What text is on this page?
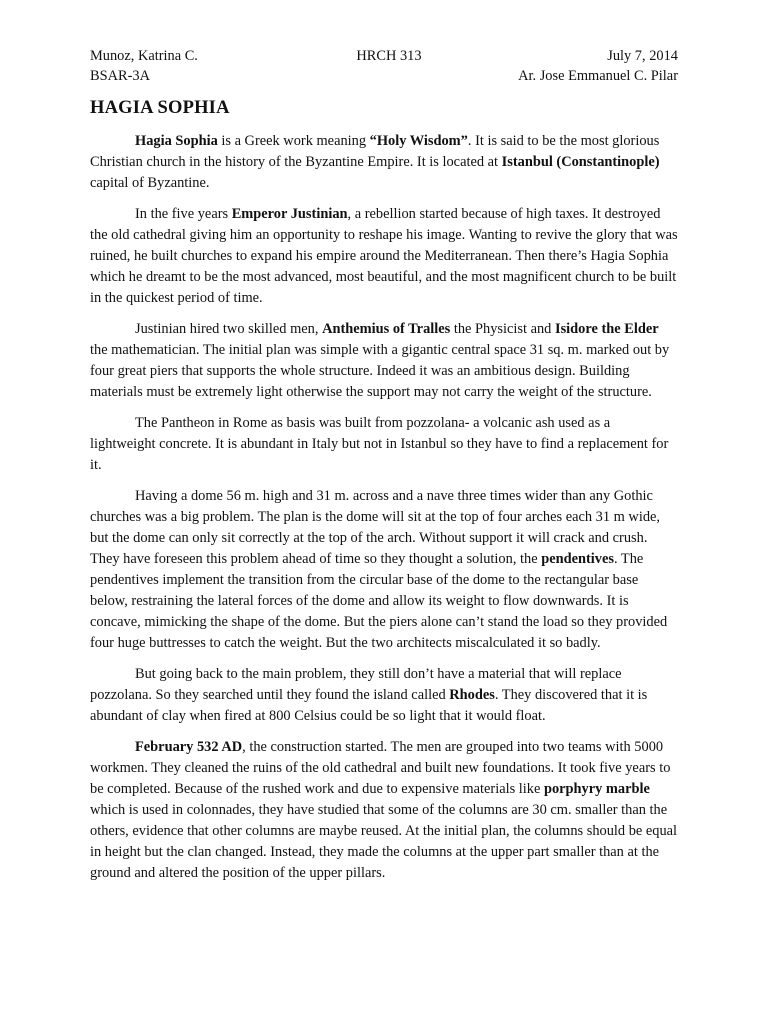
Munoz, Katrina C.	HRCH 313	July 7, 2014
BSAR-3A	Ar. Jose Emmanuel C. Pilar
HAGIA SOPHIA

Hagia Sophia is a Greek work meaning “Holy Wisdom”. It is said to be the most glorious Christian church in the history of the Byzantine Empire. It is located at Istanbul (Constantinople) capital of Byzantine.

In the five years Emperor Justinian, a rebellion started because of high taxes. It destroyed the old cathedral giving him an opportunity to reshape his image. Wanting to revive the glory that was ruined, he built churches to expand his empire around the Mediterranean. Then there’s Hagia Sophia which he dreamt to be the most advanced, most beautiful, and the most magnificent church to be built in the quickest period of time.

Justinian hired two skilled men, Anthemius of Tralles the Physicist and Isidore the Elder the mathematician. The initial plan was simple with a gigantic central space 31 sq. m. marked out by four great piers that supports the whole structure. Indeed it was an ambitious design. Building materials must be extremely light otherwise the support may not carry the weight of the structure.

The Pantheon in Rome as basis was built from pozzolana- a volcanic ash used as a lightweight concrete. It is abundant in Italy but not in Istanbul so they have to find a replacement for it.

Having a dome 56 m. high and 31 m. across and a nave three times wider than any Gothic churches was a big problem. The plan is the dome will sit at the top of four arches each 31 m wide, but the dome can only sit correctly at the top of the arch. Without support it will crack and crush. They have foreseen this problem ahead of time so they thought a solution, the pendentives. The pendentives implement the transition from the circular base of the dome to the rectangular base below, restraining the lateral forces of the dome and allow its weight to flow downwards. It is concave, mimicking the shape of the dome. But the piers alone can’t stand the load so they provided four huge buttresses to catch the weight. But the two architects miscalculated it so badly.

But going back to the main problem, they still don’t have a material that will replace pozzolana. So they searched until they found the island called Rhodes. They discovered that it is abundant of clay when fired at 800 Celsius could be so light that it would float.

February 532 AD, the construction started. The men are grouped into two teams with 5000 workmen. They cleaned the ruins of the old cathedral and built new foundations. It took five years to be completed. Because of the rushed work and due to expensive materials like porphyry marble which is used in colonnades, they have studied that some of the columns are 30 cm. smaller than the others, evidence that other columns are maybe reused. At the initial plan, the columns should be equal in height but the clan changed. Instead, they made the columns at the upper part smaller than at the ground and altered the position of the upper pillars.
